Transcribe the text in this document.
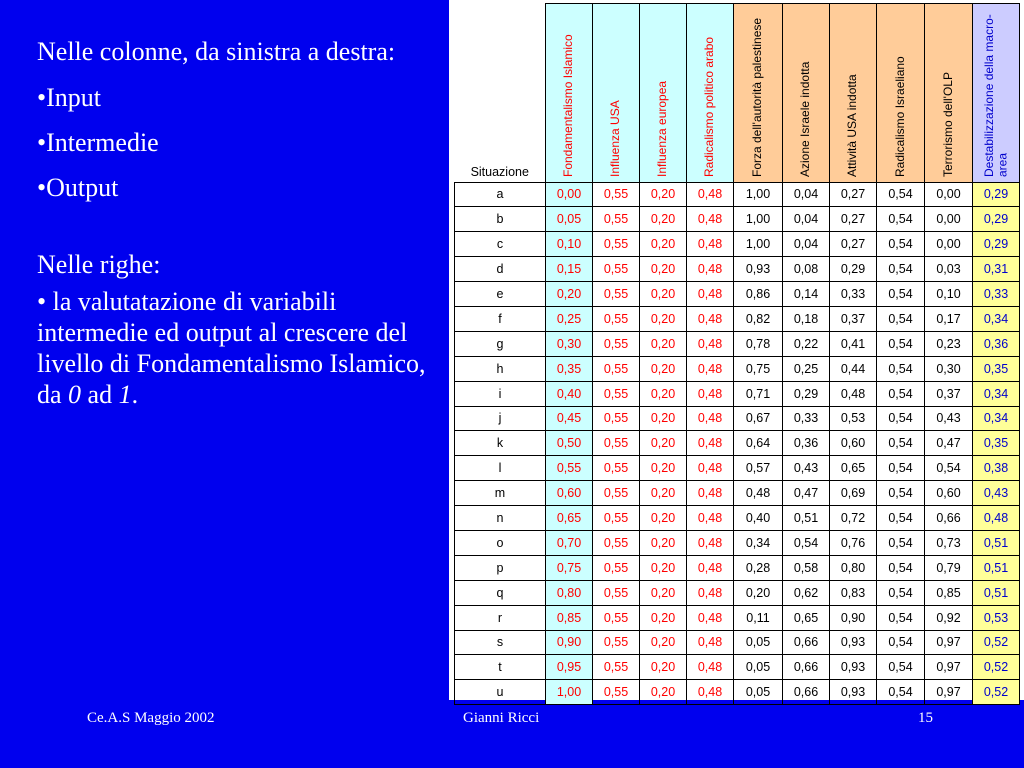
Nelle colonne, da sinistra a destra:

•Input

•Intermedie

•Output

Nelle righe:

• la valutatazione di variabili intermedie ed output al crescere del livello di Fondamentalismo Islamico, da 0 ad 1.

Situazione	Fondamentalismo Islamico	Influenza USA	Influenza europea	Radicalismo politico arabo	Forza dell'autorità palestinese	Azione Israele indotta	Attività USA indotta	Radicalismo Israeliano	Terrorismo dell'OLP	Destabilizzazione della macro-area
a	0,00	0,55	0,20	0,48	1,00	0,04	0,27	0,54	0,00	0,29
b	0,05	0,55	0,20	0,48	1,00	0,04	0,27	0,54	0,00	0,29
c	0,10	0,55	0,20	0,48	1,00	0,04	0,27	0,54	0,00	0,29
d	0,15	0,55	0,20	0,48	0,93	0,08	0,29	0,54	0,03	0,31
e	0,20	0,55	0,20	0,48	0,86	0,14	0,33	0,54	0,10	0,33
f	0,25	0,55	0,20	0,48	0,82	0,18	0,37	0,54	0,17	0,34
g	0,30	0,55	0,20	0,48	0,78	0,22	0,41	0,54	0,23	0,36
h	0,35	0,55	0,20	0,48	0,75	0,25	0,44	0,54	0,30	0,35
i	0,40	0,55	0,20	0,48	0,71	0,29	0,48	0,54	0,37	0,34
j	0,45	0,55	0,20	0,48	0,67	0,33	0,53	0,54	0,43	0,34
k	0,50	0,55	0,20	0,48	0,64	0,36	0,60	0,54	0,47	0,35
l	0,55	0,55	0,20	0,48	0,57	0,43	0,65	0,54	0,54	0,38
m	0,60	0,55	0,20	0,48	0,48	0,47	0,69	0,54	0,60	0,43
n	0,65	0,55	0,20	0,48	0,40	0,51	0,72	0,54	0,66	0,48
o	0,70	0,55	0,20	0,48	0,34	0,54	0,76	0,54	0,73	0,51
p	0,75	0,55	0,20	0,48	0,28	0,58	0,80	0,54	0,79	0,51
q	0,80	0,55	0,20	0,48	0,20	0,62	0,83	0,54	0,85	0,51
r	0,85	0,55	0,20	0,48	0,11	0,65	0,90	0,54	0,92	0,53
s	0,90	0,55	0,20	0,48	0,05	0,66	0,93	0,54	0,97	0,52
t	0,95	0,55	0,20	0,48	0,05	0,66	0,93	0,54	0,97	0,52
u	1,00	0,55	0,20	0,48	0,05	0,66	0,93	0,54	0,97	0,52
Ce.A.S Maggio 2002	Gianni Ricci	15
